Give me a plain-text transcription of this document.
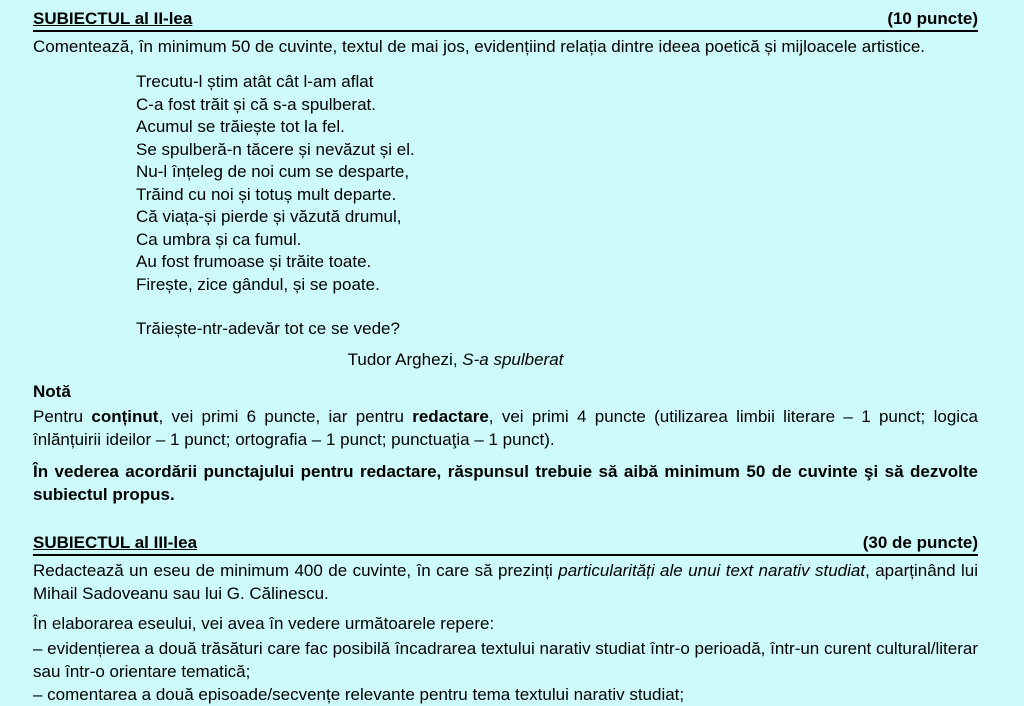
SUBIECTUL al II-lea	(10 puncte)
Comentează, în minimum 50 de cuvinte, textul de mai jos, evidențiind relația dintre ideea poetică și mijloacele artistice.
Trecutu-l știm atât cât l-am aflat
C-a fost trăit și că s-a spulberat.
Acumul se trăiește tot la fel.
Se spulberă-n tăcere și nevăzut și el.
Nu-l înțeleg de noi cum se desparte,
Trăind cu noi și totuș mult departe.
Că viața-și pierde și văzută drumul,
Ca umbra și ca fumul.
Au fost frumoase și trăite toate.
Firește, zice gândul, și se poate.
Trăiește-ntr-adevăr tot ce se vede?
Tudor Arghezi, S-a spulberat
Notă
Pentru conținut, vei primi 6 puncte, iar pentru redactare, vei primi 4 puncte (utilizarea limbii literare – 1 punct; logica înlănțuirii ideilor – 1 punct; ortografia – 1 punct; punctuaţia – 1 punct).
În vederea acordării punctajului pentru redactare, răspunsul trebuie să aibă minimum 50 de cuvinte şi să dezvolte subiectul propus.
SUBIECTUL al III-lea	(30 de puncte)
Redactează un eseu de minimum 400 de cuvinte, în care să prezinți particularități ale unui text narativ studiat, aparținând lui Mihail Sadoveanu sau lui G. Călinescu.
În elaborarea eseului, vei avea în vedere următoarele repere:
– evidențierea a două trăsături care fac posibilă încadrarea textului narativ studiat într-o perioadă, într-un curent cultural/literar sau într-o orientare tematică;
– comentarea a două episoade/secvențe relevante pentru tema textului narativ studiat;
